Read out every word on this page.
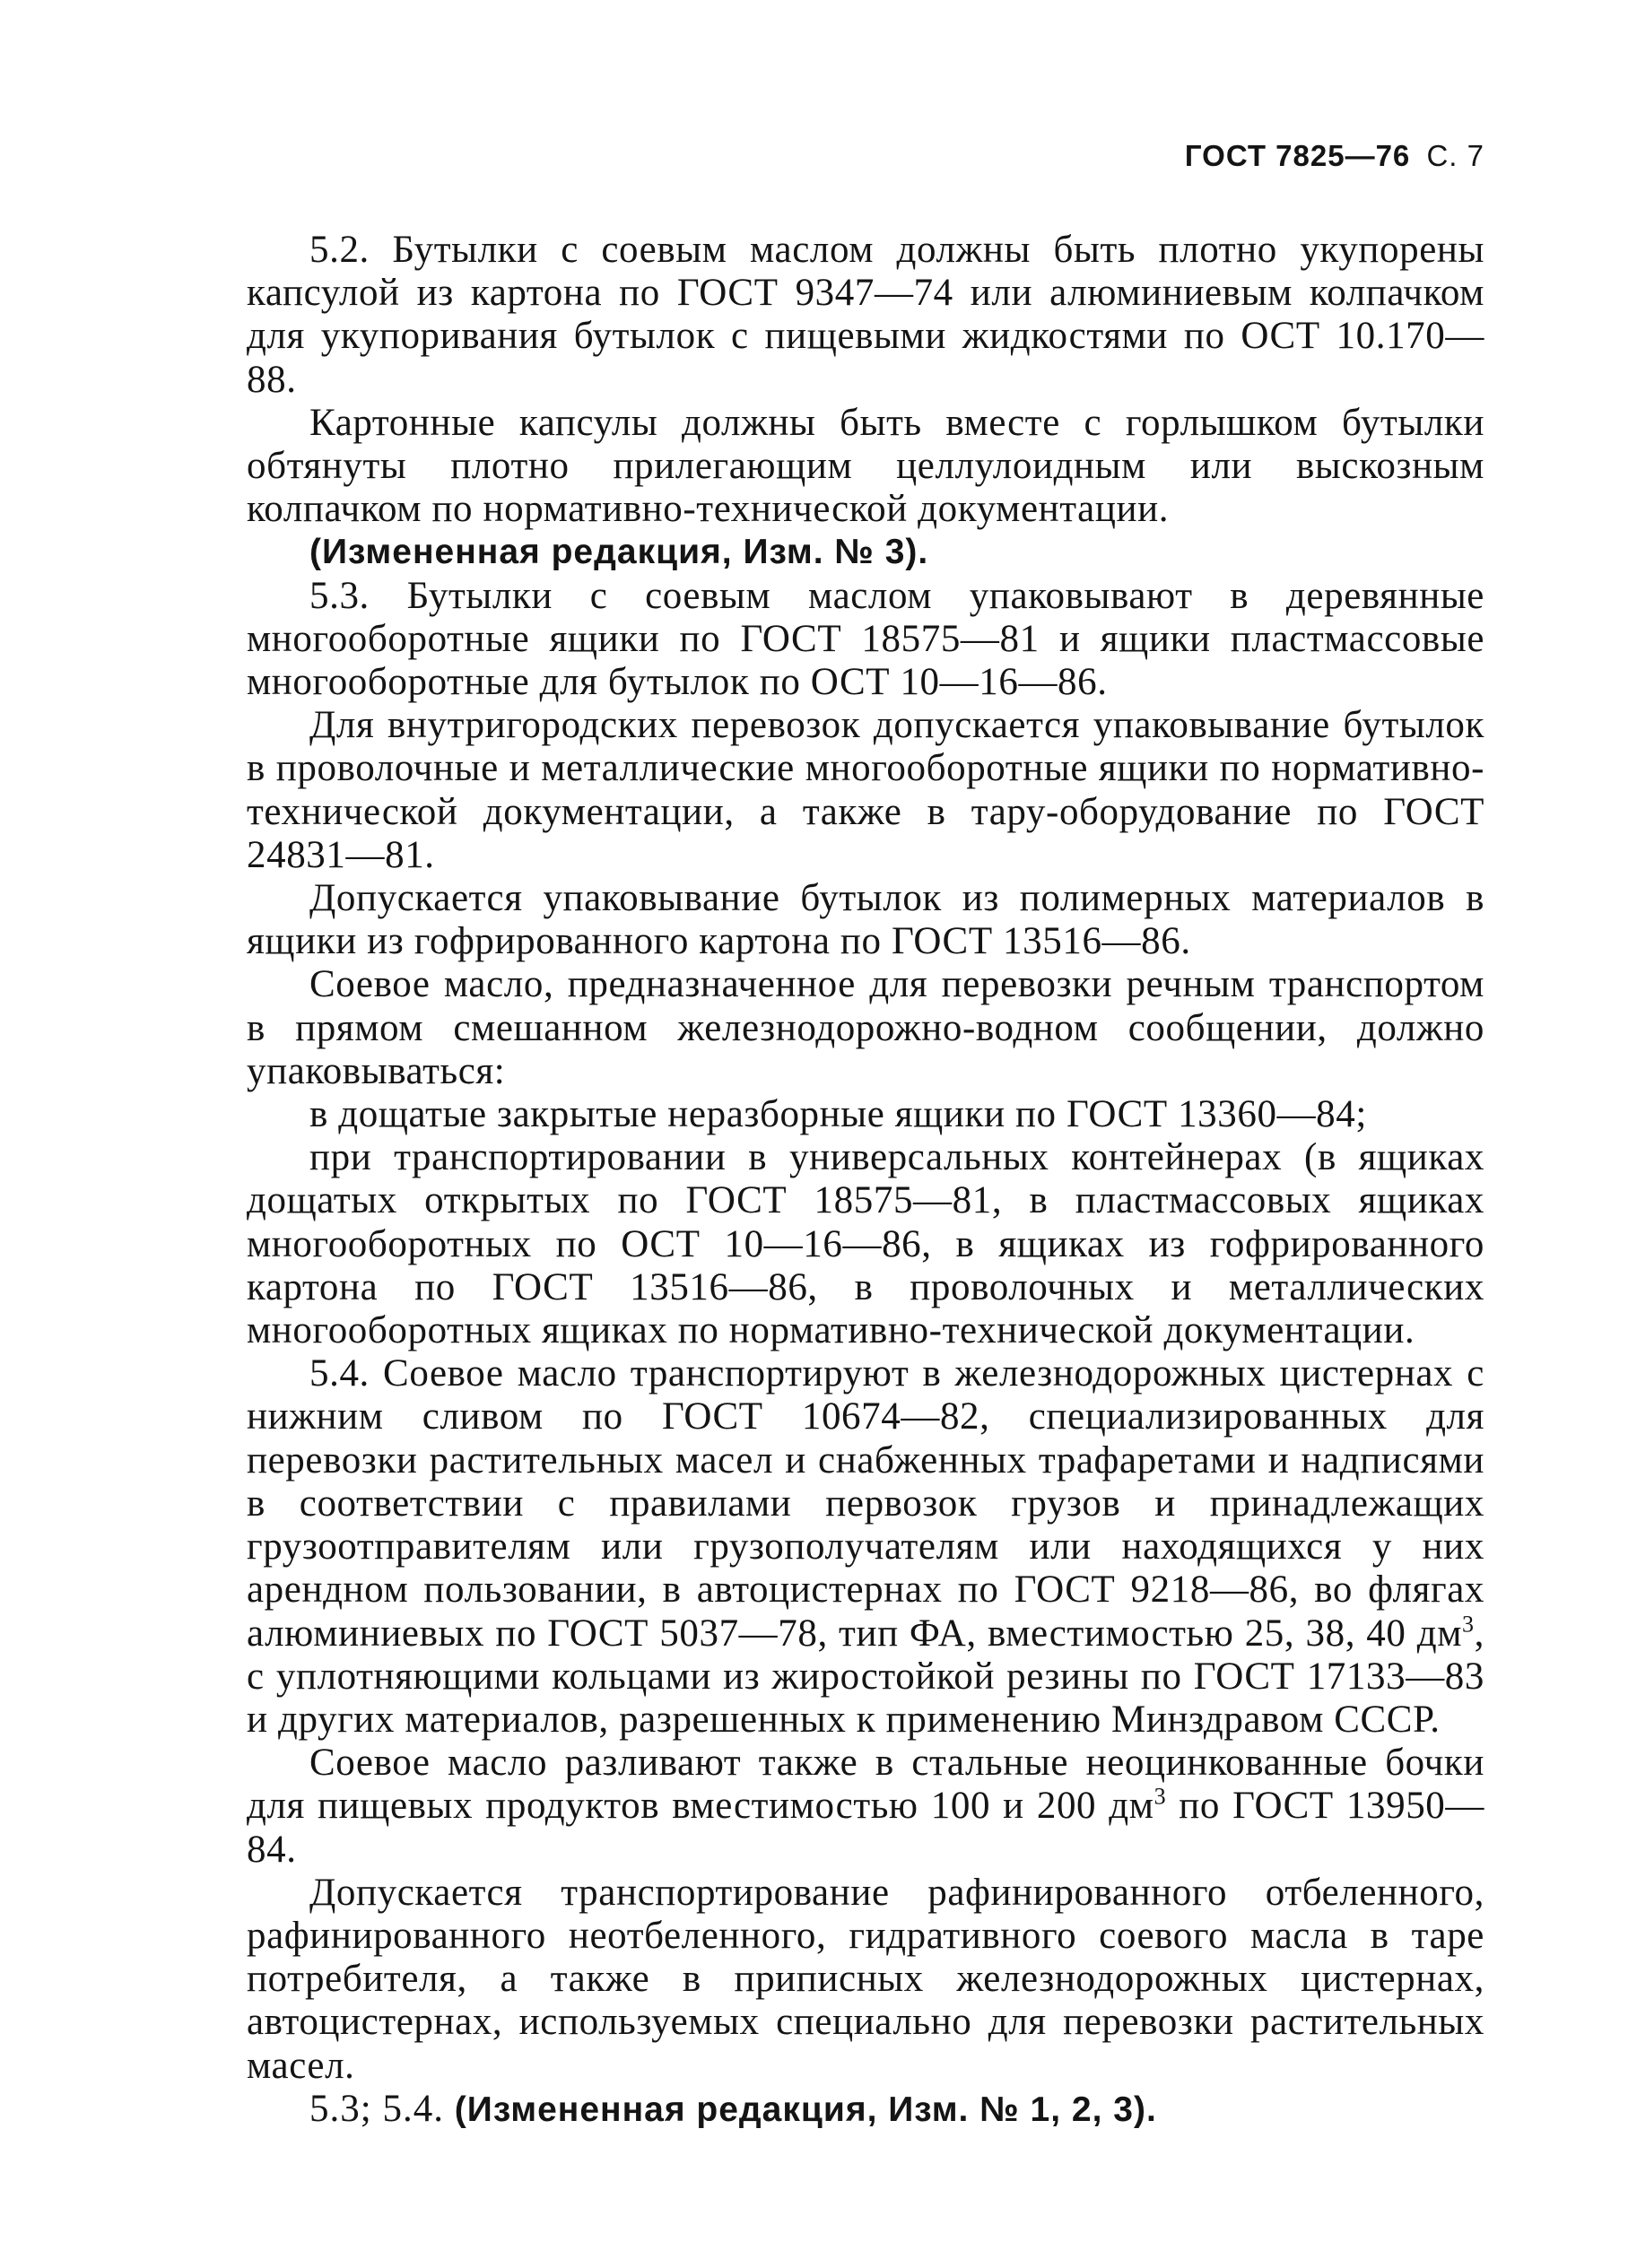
ГОСТ 7825—76 С. 7

5.2. Бутылки с соевым маслом должны быть плотно укупорены капсулой из картона по ГОСТ 9347—74 или алюминиевым колпачком для укупоривания бутылок с пищевыми жидкостями по ОСТ 10.170—88.

Картонные капсулы должны быть вместе с горлышком бутылки обтянуты плотно прилегающим целлулоидным или выскозным колпачком по нормативно-технической документации.

(Измененная редакция, Изм. № 3).

5.3. Бутылки с соевым маслом упаковывают в деревянные многооборотные ящики по ГОСТ 18575—81 и ящики пластмассовые многооборотные для бутылок по ОСТ 10—16—86.

Для внутригородских перевозок допускается упаковывание бутылок в проволочные и металлические многооборотные ящики по нормативно-технической документации, а также в тару-оборудование по ГОСТ 24831—81.

Допускается упаковывание бутылок из полимерных материалов в ящики из гофрированного картона по ГОСТ 13516—86.

Соевое масло, предназначенное для перевозки речным транспортом в прямом смешанном железнодорожно-водном сообщении, должно упаковываться:

в дощатые закрытые неразборные ящики по ГОСТ 13360—84;

при транспортировании в универсальных контейнерах (в ящиках дощатых открытых по ГОСТ 18575—81, в пластмассовых ящиках многооборотных по ОСТ 10—16—86, в ящиках из гофрированного картона по ГОСТ 13516—86, в проволочных и металлических многооборотных ящиках по нормативно-технической документации.

5.4. Соевое масло транспортируют в железнодорожных цистернах с нижним сливом по ГОСТ 10674—82, специализированных для перевозки растительных масел и снабженных трафаретами и надписями в соответствии с правилами первозок грузов и принадлежащих грузоотправителям или грузополучателям или находящихся у них арендном пользовании, в автоцистернах по ГОСТ 9218—86, во флягах алюминиевых по ГОСТ 5037—78, тип ФА, вместимостью 25, 38, 40 $дм^3$, с уплотняющими кольцами из жиростойкой резины по ГОСТ 17133—83 и других материалов, разрешенных к применению Минздравом СССР.

Соевое масло разливают также в стальные неоцинкованные бочки для пищевых продуктов вместимостью 100 и 200 $дм^3$ по ГОСТ 13950—84.

Допускается транспортирование рафинированного отбеленного, рафинированного неотбеленного, гидративного соевого масла в таре потребителя, а также в приписных железнодорожных цистернах, автоцистернах, используемых специально для перевозки растительных масел.

5.3; 5.4. (Измененная редакция, Изм. № 1, 2, 3).
